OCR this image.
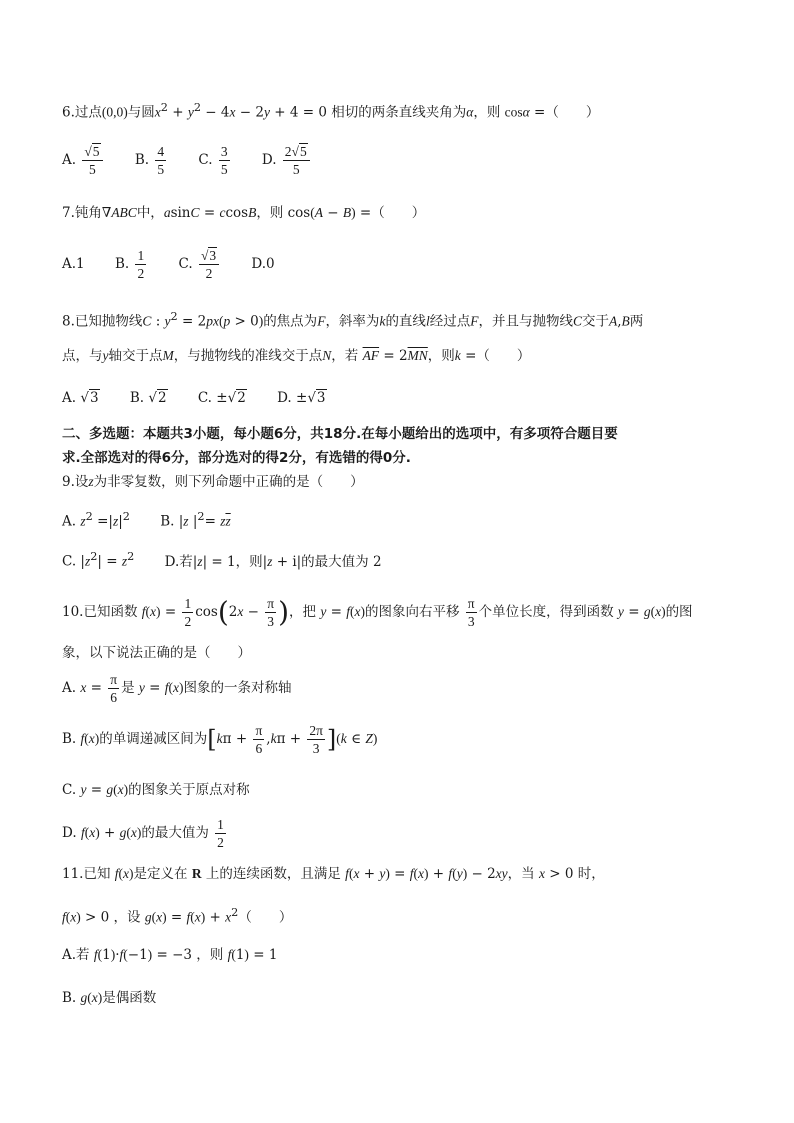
6.过点(0,0)与圆$x^2 + y^2 - 4x - 2y + 4 = 0$ 相切的两条直线夹角为α，则 cosα =（　　）
A. $\frac{√5}{5} B$. $\frac{4}{5} C$. $\frac{3}{5} D$. $\frac{2√5}{5}$
7.钝角∇ABC中，asinC = ccosB，则 cos(A − B) =（　　）
A.1 B. $\frac{1}{2} C$. $\frac{√3}{2} D.0$
8.已知抛物线C : $y^2 = 2px(p > 0)$的焦点为F，斜率为k的直线l经过点F，并且与抛物线C交于A,B两
点，与y轴交于点M，与抛物线的准线交于点N，若 $\overline{AF} = 2\overline{MN}$，则k =（　　）
A. √3 B. √2 C. ±√2 D. ±√3
二、多选题：本题共3小题，每小题6分，共18分.在每小题给出的选项中，有多项符合题目要
求.全部选对的得6分，部分选对的得2分，有选错的得0分.
9.设z为非零复数，则下列命题中正确的是（　　）
A. $z^2 =|z|^2$ B. |z $|^2= z\overline{z}$
C. $|z^2| = z^2$ D.若|z| = 1，则|z + i|的最大值为 2
10.已知函数 $f(x) = \frac{1}{2} \cos(2x - \frac{\pi}{3}$ )，把 y = f(x)的图象向右平移 $\frac{\pi}{3}$ 个单位长度，得到函数 y = g(x)的图
象，以下说法正确的是（　　）
A. $x = \frac{\pi}{6}$ 是 y = f(x)图象的一条对称轴
B. f(x)的单调递减区间为$[k\pi + \frac{\pi}{6} ,k\pi + \frac{2\pi}{3} ](k$ ∈ Z)
C. y = g(x)的图象关于原点对称
D. f(x) + g(x)的最大值为 $\frac{1}{2}$
11.已知 f(x)是定义在 R 上的连续函数，且满足 f(x + y) = f(x) + f(y) − 2xy，当 x > 0 时，
f(x) > 0 ，设 $g(x) = f(x) + x^2$（　　）
A.若 f(1)·f(−1) = −3 ，则 f(1) = 1
B. g(x)是偶函数
